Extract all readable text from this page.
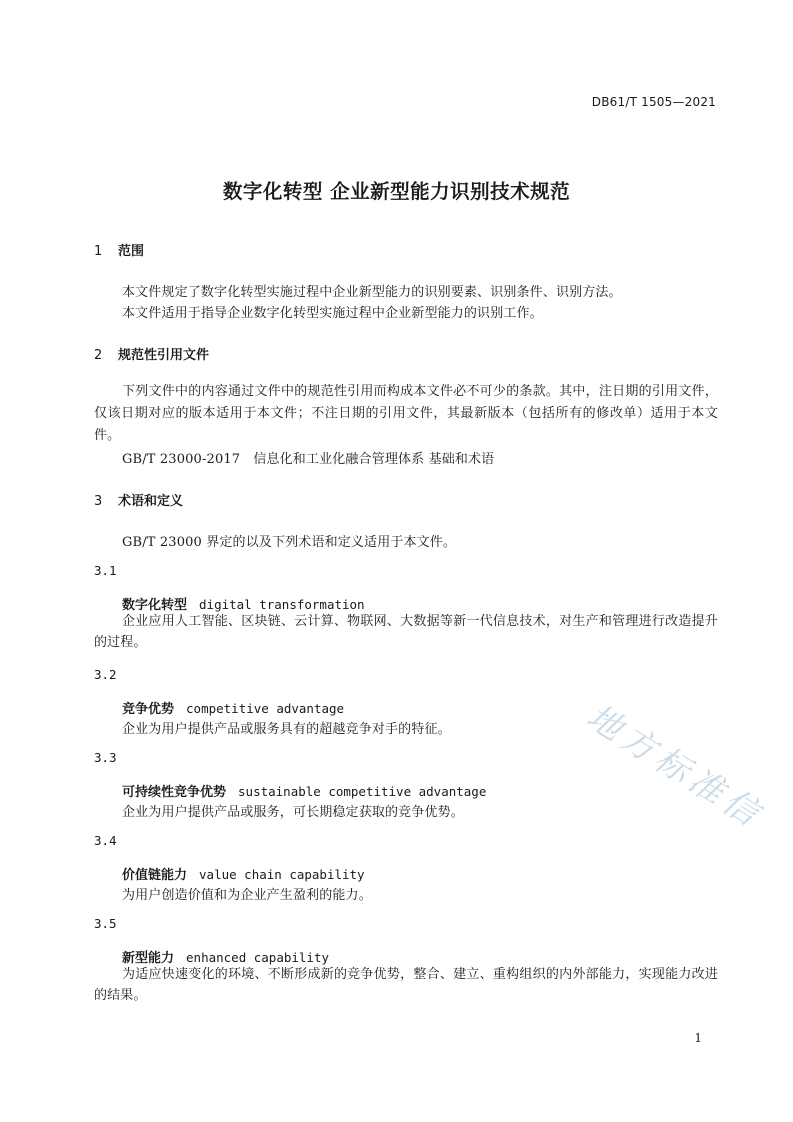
DB61/T 1505—2021
数字化转型 企业新型能力识别技术规范
1 范围
本文件规定了数字化转型实施过程中企业新型能力的识别要素、识别条件、识别方法。
本文件适用于指导企业数字化转型实施过程中企业新型能力的识别工作。
2 规范性引用文件
下列文件中的内容通过文件中的规范性引用而构成本文件必不可少的条款。其中，注日期的引用文件，仅该日期对应的版本适用于本文件；不注日期的引用文件，其最新版本（包括所有的修改单）适用于本文件。
GB/T 23000-2017　信息化和工业化融合管理体系 基础和术语
3 术语和定义
GB/T 23000 界定的以及下列术语和定义适用于本文件。
3.1
数字化转型 digital transformation
企业应用人工智能、区块链、云计算、物联网、大数据等新一代信息技术，对生产和管理进行改造提升的过程。
3.2
竞争优势 competitive advantage
企业为用户提供产品或服务具有的超越竞争对手的特征。
3.3
可持续性竞争优势 sustainable competitive advantage
企业为用户提供产品或服务，可长期稳定获取的竞争优势。
3.4
价值链能力 value chain capability
为用户创造价值和为企业产生盈利的能力。
3.5
新型能力 enhanced capability
为适应快速变化的环境、不断形成新的竞争优势，整合、建立、重构组织的内外部能力，实现能力改进的结果。
地方标准信
1
